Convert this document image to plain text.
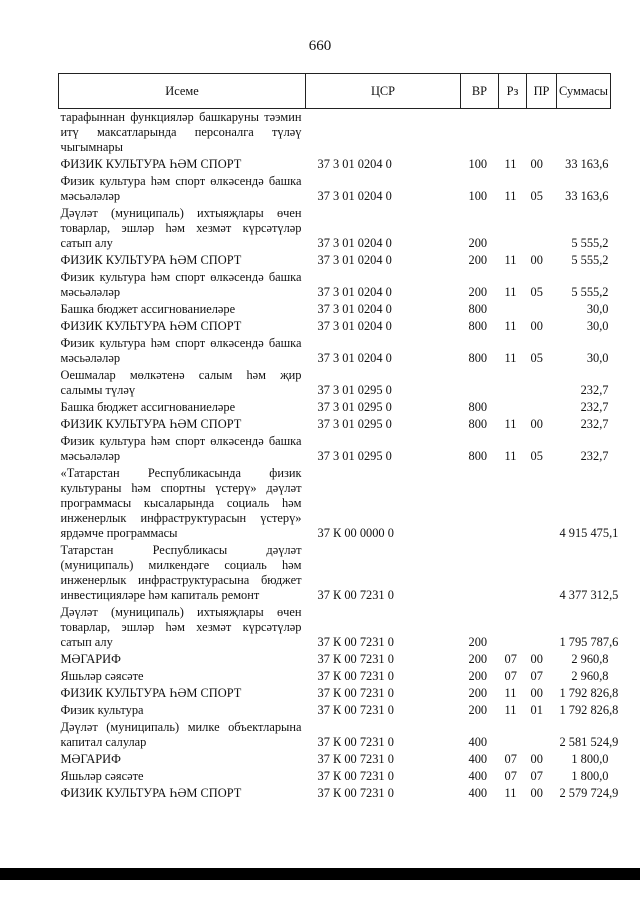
660
Исеме	ЦСР	ВР	Рз	ПР	Суммасы
тарафыннан функцияләр башкаруны тәэмин итү максатларында персоналга түләү чыгымнары					
ФИЗИК КУЛЬТУРА ҺӘМ СПОРТ	37 3 01 0204 0	100	11	00	33 163,6
Физик культура һәм спорт өлкәсендә башка мәсьәләләр	37 3 01 0204 0	100	11	05	33 163,6
Дәүләт (муниципаль) ихтыяҗлары өчен товарлар, эшләр һәм хезмәт күрсәтүләр сатып алу	37 3 01 0204 0	200			5 555,2
ФИЗИК КУЛЬТУРА ҺӘМ СПОРТ	37 3 01 0204 0	200	11	00	5 555,2
Физик культура һәм спорт өлкәсендә башка мәсьәләләр	37 3 01 0204 0	200	11	05	5 555,2
Башка бюджет ассигнованиеләре	37 3 01 0204 0	800			30,0
ФИЗИК КУЛЬТУРА ҺӘМ СПОРТ	37 3 01 0204 0	800	11	00	30,0
Физик культура һәм спорт өлкәсендә башка мәсьәләләр	37 3 01 0204 0	800	11	05	30,0
Оешмалар мөлкәтенә салым һәм җир салымы түләү	37 3 01 0295 0				232,7
Башка бюджет ассигнованиеләре	37 3 01 0295 0	800			232,7
ФИЗИК КУЛЬТУРА ҺӘМ СПОРТ	37 3 01 0295 0	800	11	00	232,7
Физик культура һәм спорт өлкәсендә башка мәсьәләләр	37 3 01 0295 0	800	11	05	232,7
«Татарстан Республикасында физик культураны һәм спортны үстерү» дәүләт программасы кысаларында социаль һәм инженерлык инфраструктурасын үстерү» ярдәмче программасы	37 К 00 0000 0				4 915 475,1
Татарстан Республикасы дәүләт (муниципаль) милкендәге социаль һәм инженерлык инфраструктурасына бюджет инвестицияләре һәм капиталь ремонт	37 К 00 7231 0				4 377 312,5
Дәүләт (муниципаль) ихтыяҗлары өчен товарлар, эшләр һәм хезмәт күрсәтүләр сатып алу	37 К 00 7231 0	200			1 795 787,6
МӘГАРИФ	37 К 00 7231 0	200	07	00	2 960,8
Яшьләр сәясәте	37 К 00 7231 0	200	07	07	2 960,8
ФИЗИК КУЛЬТУРА ҺӘМ СПОРТ	37 К 00 7231 0	200	11	00	1 792 826,8
Физик культура	37 К 00 7231 0	200	11	01	1 792 826,8
Дәүләт (муниципаль) милке объектларына капитал салулар	37 К 00 7231 0	400			2 581 524,9
МӘГАРИФ	37 К 00 7231 0	400	07	00	1 800,0
Яшьләр сәясәте	37 К 00 7231 0	400	07	07	1 800,0
ФИЗИК КУЛЬТУРА ҺӘМ СПОРТ	37 К 00 7231 0	400	11	00	2 579 724,9
